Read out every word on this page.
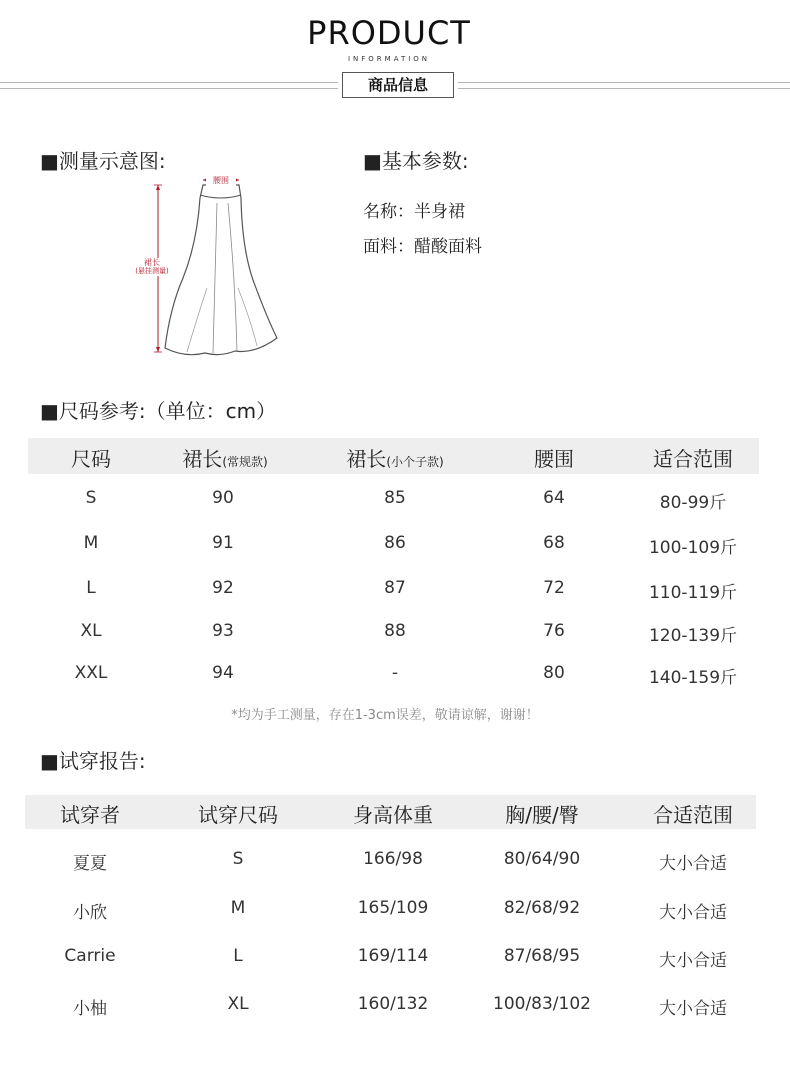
PRODUCT
INFORMATION
商品信息
■测量示意图:
腰围
裙长
(悬挂测量)
■基本参数:
名称：半身裙
面料：醋酸面料
■尺码参考:（单位：cm）
尺码	裙长(常规款)	裙长(小个子款)	腰围	适合范围
S	90	85	64	80-99斤
M	91	86	68	100-109斤
L	92	87	72	110-119斤
XL	93	88	76	120-139斤
XXL	94	-	80	140-159斤
*均为手工测量，存在1-3cm误差，敬请谅解，谢谢！
■试穿报告:
试穿者	试穿尺码	身高体重	胸/腰/臀	合适范围
夏夏	S	166/98	80/64/90	大小合适
小欣	M	165/109	82/68/92	大小合适
Carrie	L	169/114	87/68/95	大小合适
小柚	XL	160/132	100/83/102	大小合适
